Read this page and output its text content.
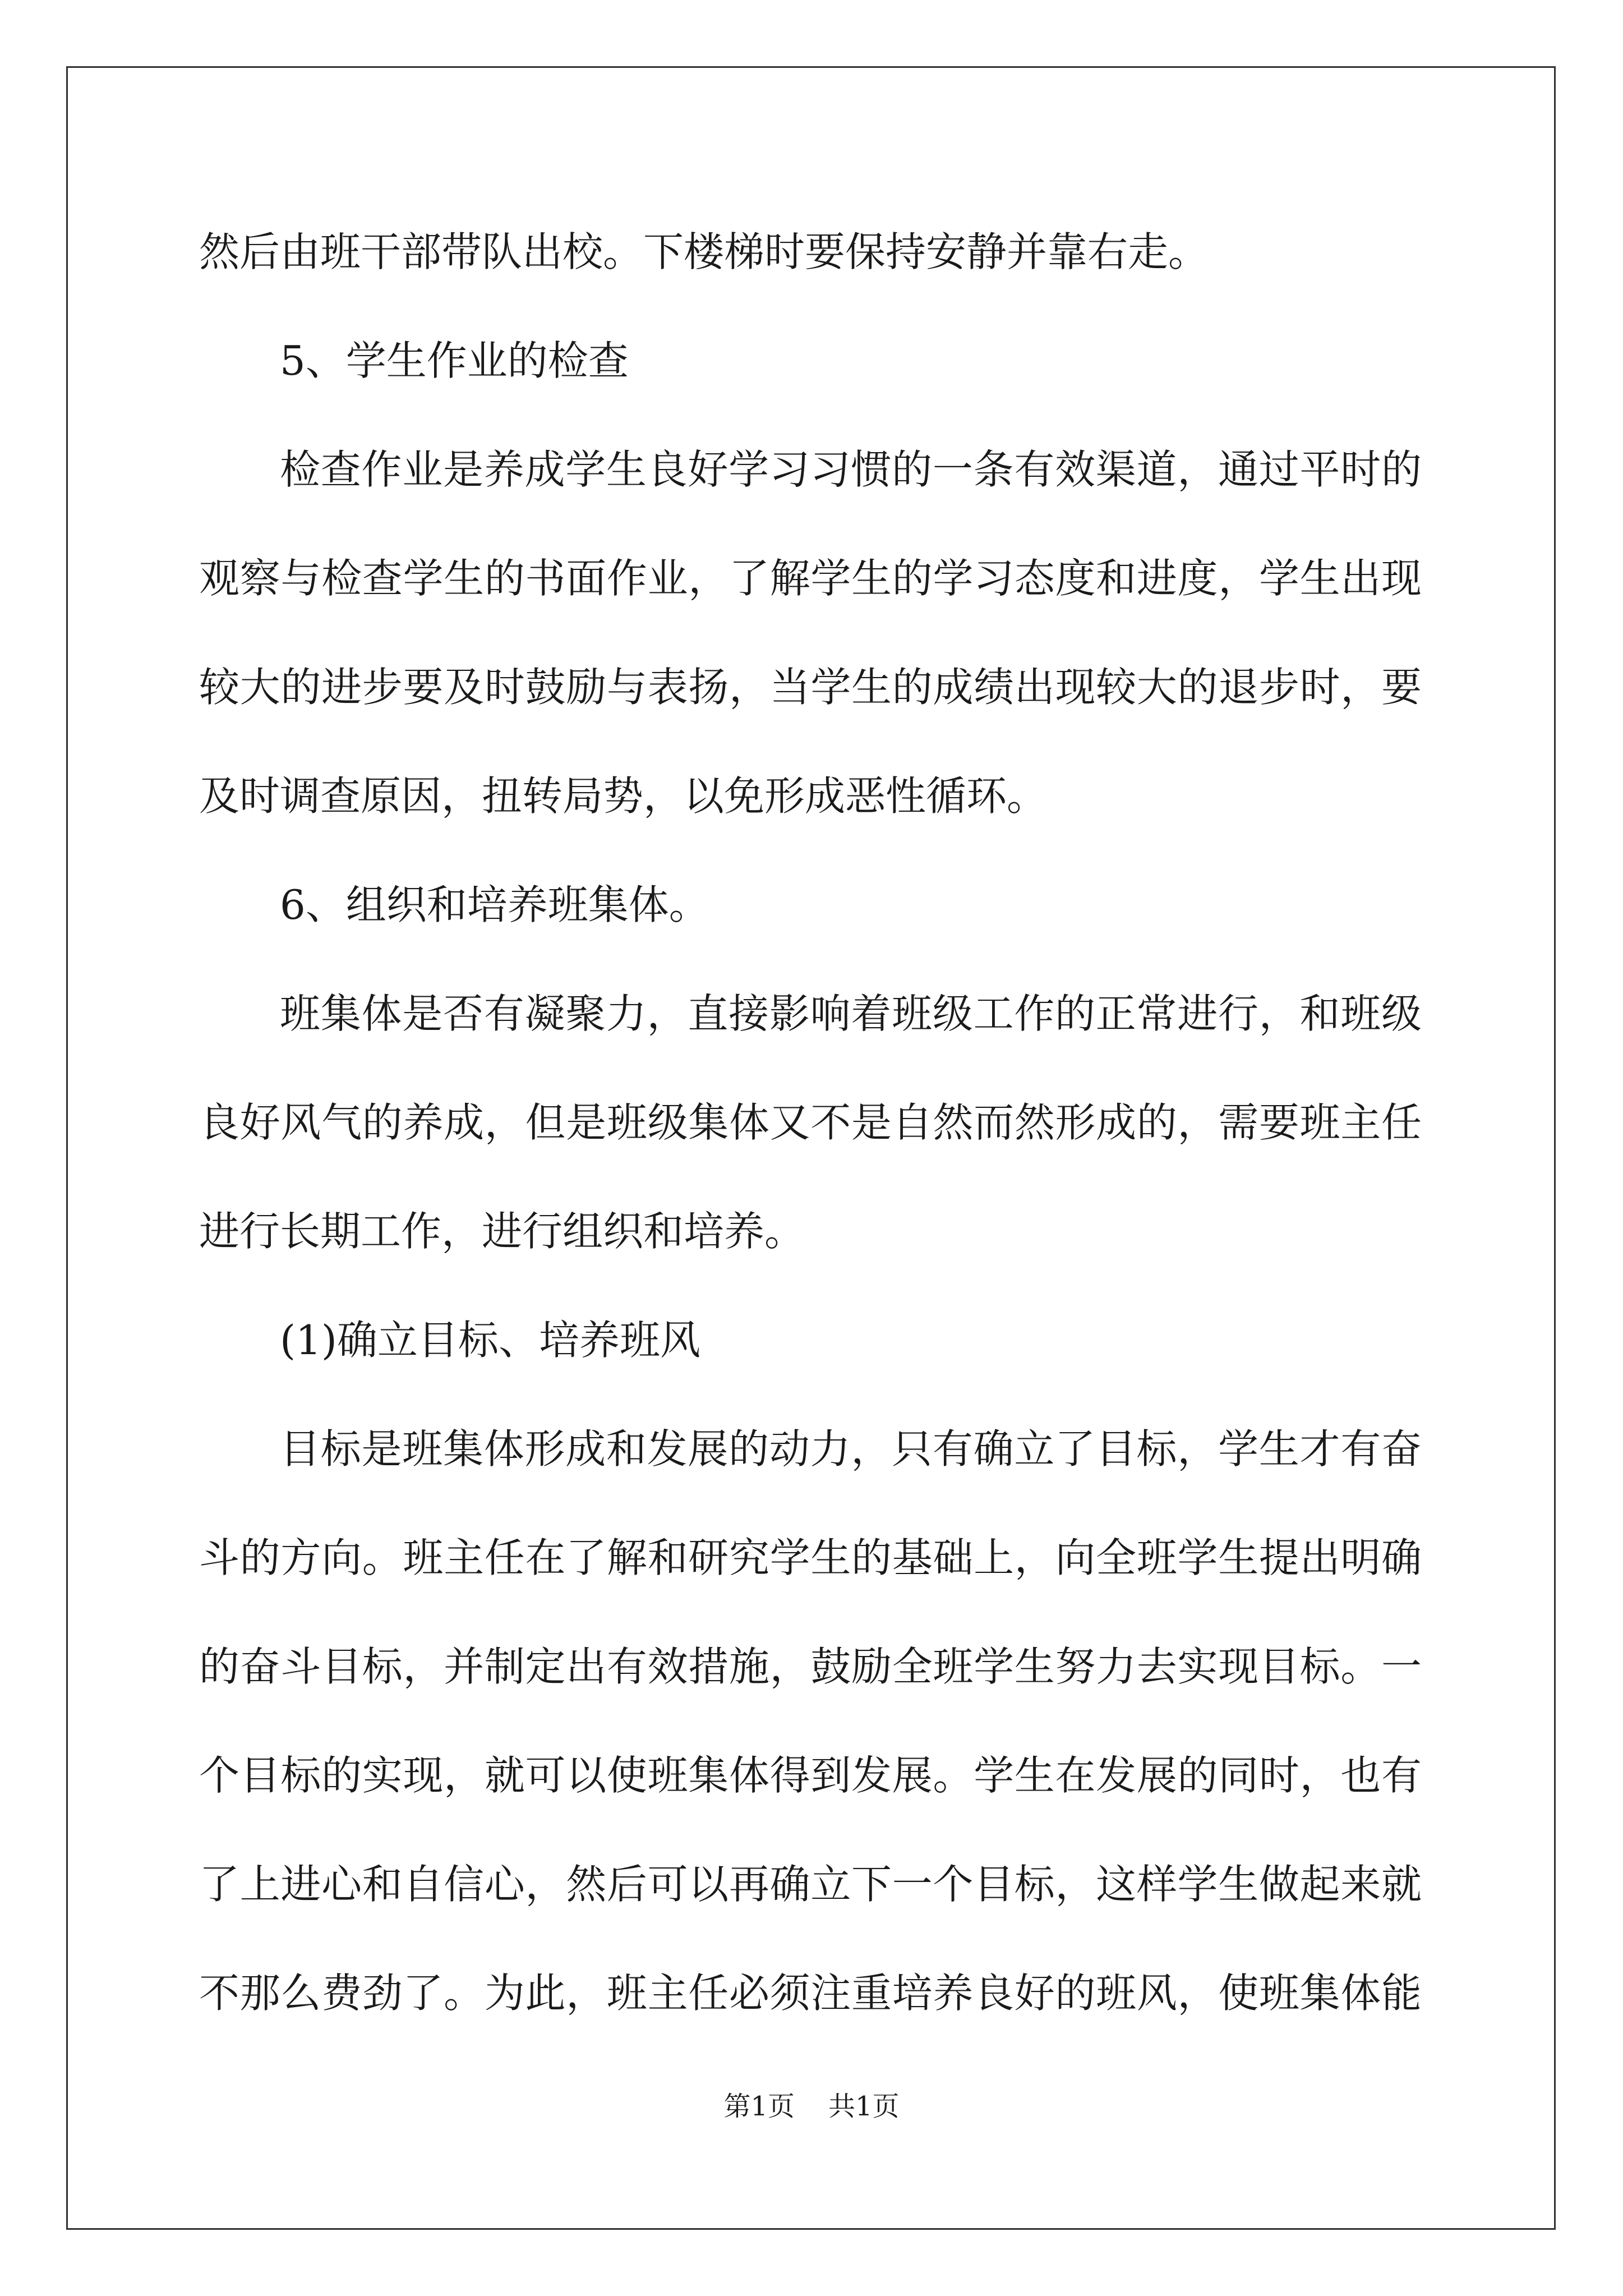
然后由班干部带队出校。下楼梯时要保持安静并靠右走。
5、学生作业的检查
检查作业是养成学生良好学习习惯的一条有效渠道，通过平时的
观察与检查学生的书面作业，了解学生的学习态度和进度，学生出现
较大的进步要及时鼓励与表扬，当学生的成绩出现较大的退步时，要
及时调查原因，扭转局势，以免形成恶性循环。
6、组织和培养班集体。
班集体是否有凝聚力，直接影响着班级工作的正常进行，和班级
良好风气的养成，但是班级集体又不是自然而然形成的，需要班主任
进行长期工作，进行组织和培养。
(1)确立目标、培养班风
目标是班集体形成和发展的动力，只有确立了目标，学生才有奋
斗的方向。班主任在了解和研究学生的基础上，向全班学生提出明确
的奋斗目标，并制定出有效措施，鼓励全班学生努力去实现目标。一
个目标的实现，就可以使班集体得到发展。学生在发展的同时，也有
了上进心和自信心，然后可以再确立下一个目标，这样学生做起来就
不那么费劲了。为此，班主任必须注重培养良好的班风，使班集体能
第1页 共1页
